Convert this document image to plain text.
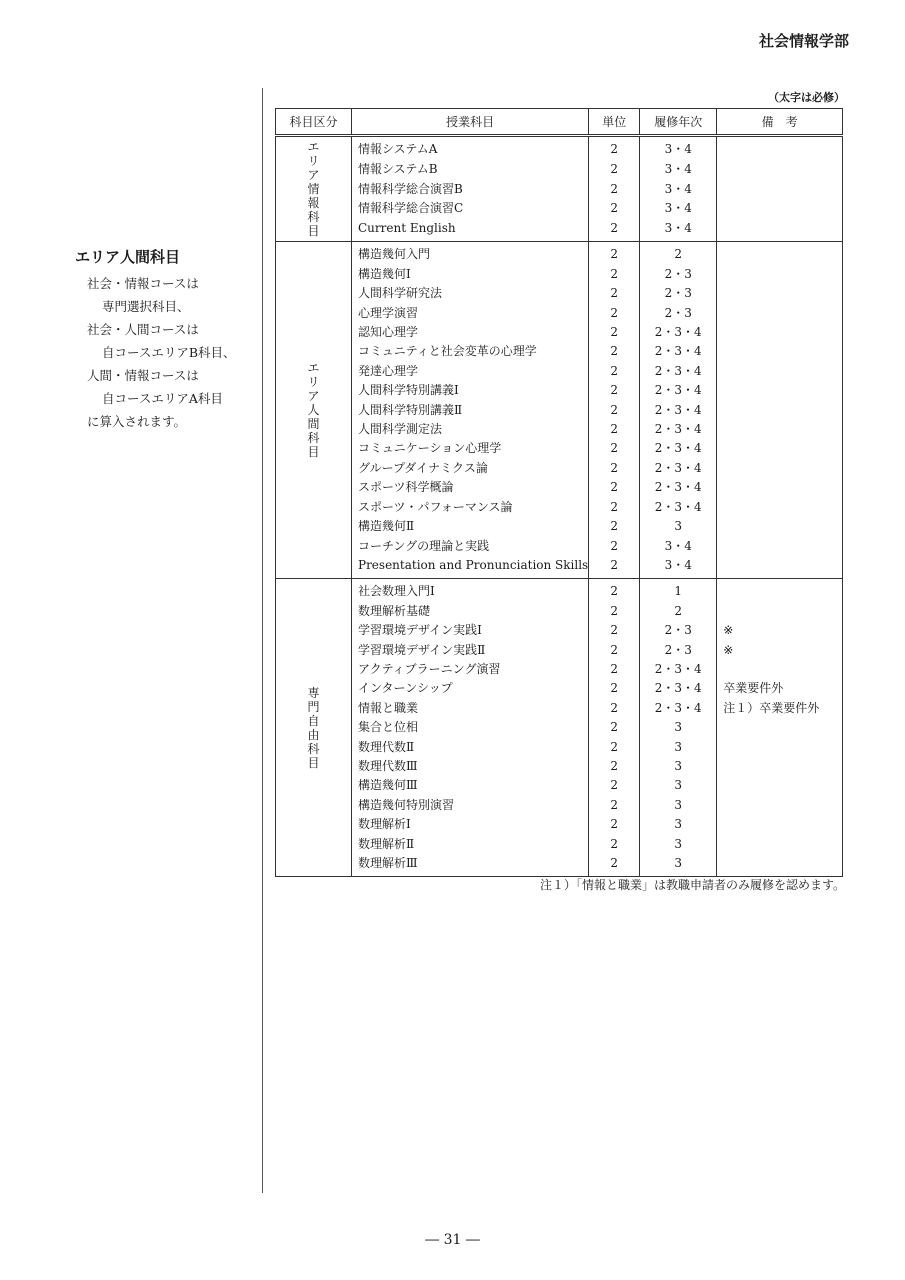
社会情報学部
エリア人間科目
社会・情報コースは
専門選択科目、
社会・人間コースは
自コースエリアB科目、
人間・情報コースは
自コースエリアA科目
に算入されます。
（太字は必修）
科目区分	授業科目	単位	履修年次	備　考
エリア情報科目	情報システムA	2	3・4	
	情報システムB	2	3・4	
	情報科学総合演習B	2	3・4	
	情報科学総合演習C	2	3・4	
	Current English	2	3・4	
エリア人間科目	構造幾何入門	2	2	
	構造幾何Ⅰ	2	2・3	
	人間科学研究法	2	2・3	
	心理学演習	2	2・3	
	認知心理学	2	2・3・4	
	コミュニティと社会変革の心理学	2	2・3・4	
	発達心理学	2	2・3・4	
	人間科学特別講義Ⅰ	2	2・3・4	
	人間科学特別講義Ⅱ	2	2・3・4	
	人間科学測定法	2	2・3・4	
	コミュニケーション心理学	2	2・3・4	
	グループダイナミクス論	2	2・3・4	
	スポーツ科学概論	2	2・3・4	
	スポーツ・パフォーマンス論	2	2・3・4	
	構造幾何Ⅱ	2	3	
	コーチングの理論と実践	2	3・4	
	Presentation and Pronunciation Skills	2	3・4	
専門自由科目	社会数理入門Ⅰ	2	1	
	数理解析基礎	2	2	
	学習環境デザイン実践Ⅰ	2	2・3	※
	学習環境デザイン実践Ⅱ	2	2・3	※
	アクティブラーニング演習	2	2・3・4	
	インターンシップ	2	2・3・4	卒業要件外
	情報と職業	2	2・3・4	注１）卒業要件外
	集合と位相	2	3	
	数理代数Ⅱ	2	3	
	数理代数Ⅲ	2	3	
	構造幾何Ⅲ	2	3	
	構造幾何特別演習	2	3	
	数理解析Ⅰ	2	3	
	数理解析Ⅱ	2	3	
	数理解析Ⅲ	2	3	
注１）「情報と職業」は教職申請者のみ履修を認めます。
― 31 ―
